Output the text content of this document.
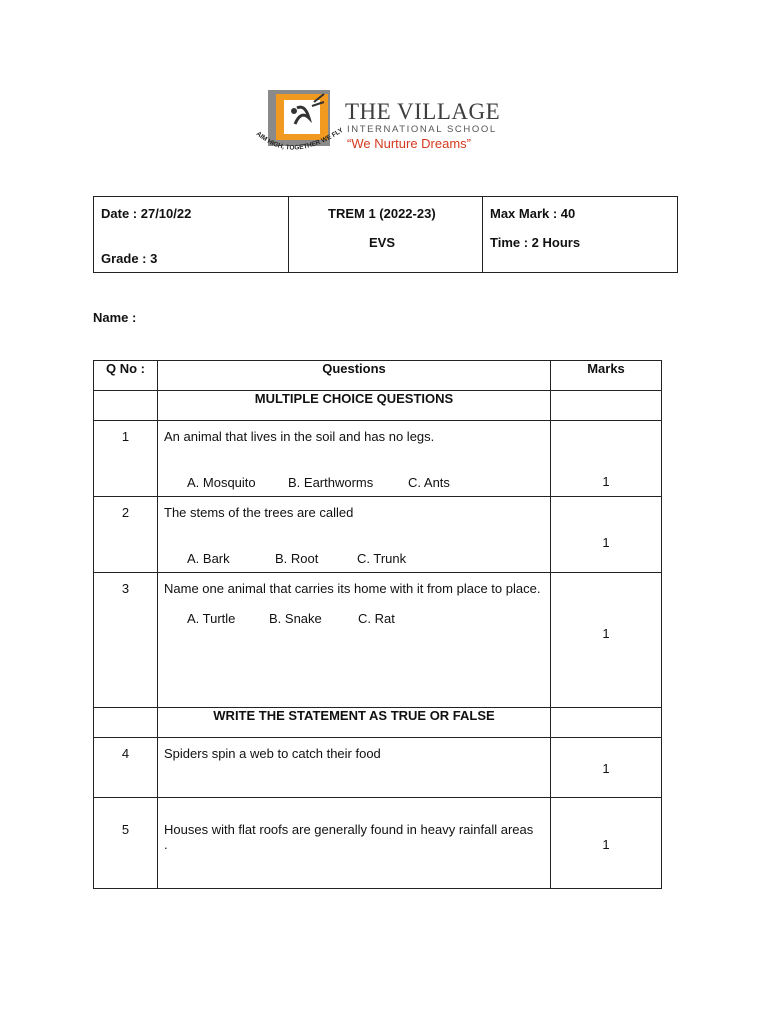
AIM HIGH, TOGETHER WE FLY
THE VILLAGE
INTERNATIONAL SCHOOL
“We Nurture Dreams”
Date : 27/10/22
Grade : 3
TREM 1 (2022-23)
EVS
Max Mark : 40
Time : 2 Hours
Name :
Q No :	Questions	Marks
	MULTIPLE CHOICE QUESTIONS	

1	An animal that lives in the soil and has no legs.
A. Mosquito B. Earthworms C. Ants	1

2	The stems of the trees are called
A. Bark B. Root C. Trunk	1

3	Name one animal that carries its home with it from place to place.
A. Turtle B. Snake C. Rat	1

	WRITE THE STATEMENT AS TRUE OR FALSE	

4	Spiders spin a web to catch their food	1

5	Houses with flat roofs are generally found in heavy rainfall areas
.	1
